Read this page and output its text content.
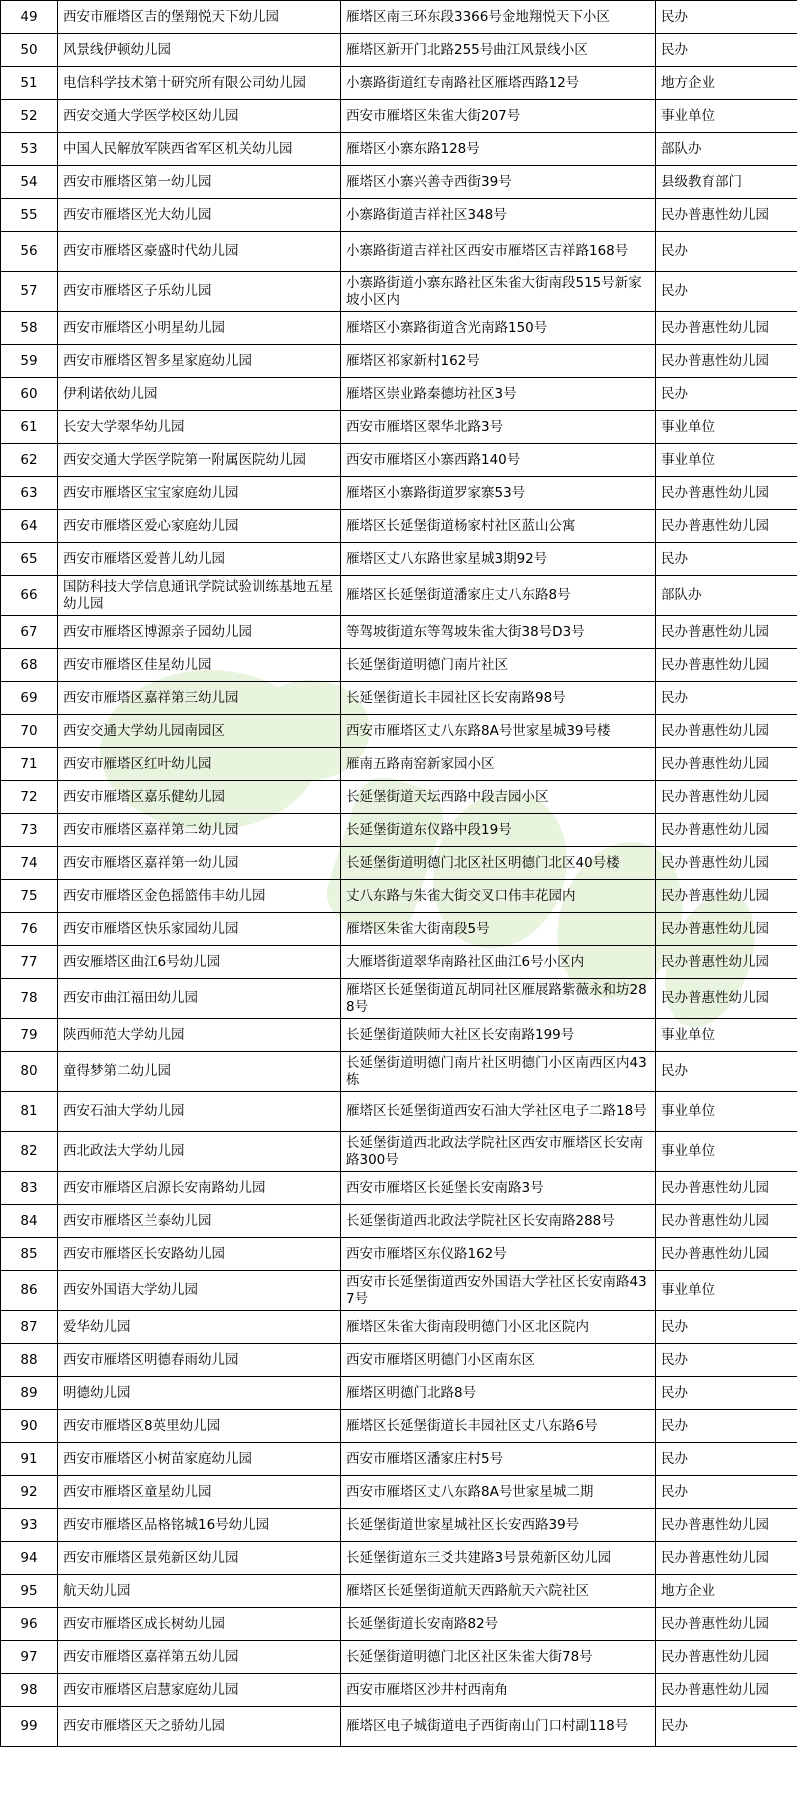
49	西安市雁塔区吉的堡翔悦天下幼儿园	雁塔区南三环东段3366号金地翔悦天下小区	民办
50	风景线伊顿幼儿园	雁塔区新开门北路255号曲江风景线小区	民办
51	电信科学技术第十研究所有限公司幼儿园	小寨路街道红专南路社区雁塔西路12号	地方企业
52	西安交通大学医学校区幼儿园	西安市雁塔区朱雀大街207号	事业单位
53	中国人民解放军陕西省军区机关幼儿园	雁塔区小寨东路128号	部队办
54	西安市雁塔区第一幼儿园	雁塔区小寨兴善寺西街39号	县级教育部门
55	西安市雁塔区光大幼儿园	小寨路街道吉祥社区348号	民办普惠性幼儿园
56	西安市雁塔区豪盛时代幼儿园	小寨路街道吉祥社区西安市雁塔区吉祥路168号	民办
57	西安市雁塔区子乐幼儿园	小寨路街道小寨东路社区朱雀大街南段515号新家坡小区内	民办
58	西安市雁塔区小明星幼儿园	雁塔区小寨路街道含光南路150号	民办普惠性幼儿园
59	西安市雁塔区智多星家庭幼儿园	雁塔区祁家新村162号	民办普惠性幼儿园
60	伊利诺依幼儿园	雁塔区崇业路秦德坊社区3号	民办
61	长安大学翠华幼儿园	西安市雁塔区翠华北路3号	事业单位
62	西安交通大学医学院第一附属医院幼儿园	西安市雁塔区小寨西路140号	事业单位
63	西安市雁塔区宝宝家庭幼儿园	雁塔区小寨路街道罗家寨53号	民办普惠性幼儿园
64	西安市雁塔区爱心家庭幼儿园	雁塔区长延堡街道杨家村社区蓝山公寓	民办普惠性幼儿园
65	西安市雁塔区爱普儿幼儿园	雁塔区丈八东路世家星城3期92号	民办
66	国防科技大学信息通讯学院试验训练基地五星幼儿园	雁塔区长延堡街道潘家庄丈八东路8号	部队办
67	西安市雁塔区博源亲子园幼儿园	等驾坡街道东等驾坡朱雀大街38号D3号	民办普惠性幼儿园
68	西安市雁塔区佳星幼儿园	长延堡街道明德门南片社区	民办普惠性幼儿园
69	西安市雁塔区嘉祥第三幼儿园	长延堡街道长丰园社区长安南路98号	民办
70	西安交通大学幼儿园南园区	西安市雁塔区丈八东路8A号世家星城39号楼	民办普惠性幼儿园
71	西安市雁塔区红叶幼儿园	雁南五路南窑新家园小区	民办普惠性幼儿园
72	西安市雁塔区嘉乐健幼儿园	长延堡街道天坛西路中段吉园小区	民办普惠性幼儿园
73	西安市雁塔区嘉祥第二幼儿园	长延堡街道东仪路中段19号	民办普惠性幼儿园
74	西安市雁塔区嘉祥第一幼儿园	长延堡街道明德门北区社区明德门北区40号楼	民办普惠性幼儿园
75	西安市雁塔区金色摇篮伟丰幼儿园	丈八东路与朱雀大街交叉口伟丰花园内	民办普惠性幼儿园
76	西安市雁塔区快乐家园幼儿园	雁塔区朱雀大街南段5号	民办普惠性幼儿园
77	西安雁塔区曲江6号幼儿园	大雁塔街道翠华南路社区曲江6号小区内	民办普惠性幼儿园
78	西安市曲江福田幼儿园	雁塔区长延堡街道瓦胡同社区雁展路紫薇永和坊288号	民办普惠性幼儿园
79	陕西师范大学幼儿园	长延堡街道陕师大社区长安南路199号	事业单位
80	童得梦第二幼儿园	长延堡街道明德门南片社区明德门小区南西区内43栋	民办
81	西安石油大学幼儿园	雁塔区长延堡街道西安石油大学社区电子二路18号	事业单位
82	西北政法大学幼儿园	长延堡街道西北政法学院社区西安市雁塔区长安南路300号	事业单位
83	西安市雁塔区启源长安南路幼儿园	西安市雁塔区长延堡长安南路3号	民办普惠性幼儿园
84	西安市雁塔区兰泰幼儿园	长延堡街道西北政法学院社区长安南路288号	民办普惠性幼儿园
85	西安市雁塔区长安路幼儿园	西安市雁塔区东仪路162号	民办普惠性幼儿园
86	西安外国语大学幼儿园	西安市长延堡街道西安外国语大学社区长安南路437号	事业单位
87	爱华幼儿园	雁塔区朱雀大街南段明德门小区北区院内	民办
88	西安市雁塔区明德春雨幼儿园	西安市雁塔区明德门小区南东区	民办
89	明德幼儿园	雁塔区明德门北路8号	民办
90	西安市雁塔区8英里幼儿园	雁塔区长延堡街道长丰园社区丈八东路6号	民办
91	西安市雁塔区小树苗家庭幼儿园	西安市雁塔区潘家庄村5号	民办
92	西安市雁塔区童星幼儿园	西安市雁塔区丈八东路8A号世家星城二期	民办
93	西安市雁塔区品格铭城16号幼儿园	长延堡街道世家星城社区长安西路39号	民办普惠性幼儿园
94	西安市雁塔区景苑新区幼儿园	长延堡街道东三爻共建路3号景苑新区幼儿园	民办普惠性幼儿园
95	航天幼儿园	雁塔区长延堡街道航天西路航天六院社区	地方企业
96	西安市雁塔区成长树幼儿园	长延堡街道长安南路82号	民办普惠性幼儿园
97	西安市雁塔区嘉祥第五幼儿园	长延堡街道明德门北区社区朱雀大街78号	民办普惠性幼儿园
98	西安市雁塔区启慧家庭幼儿园	西安市雁塔区沙井村西南角	民办普惠性幼儿园
99	西安市雁塔区天之骄幼儿园	雁塔区电子城街道电子西街南山门口村副118号	民办
